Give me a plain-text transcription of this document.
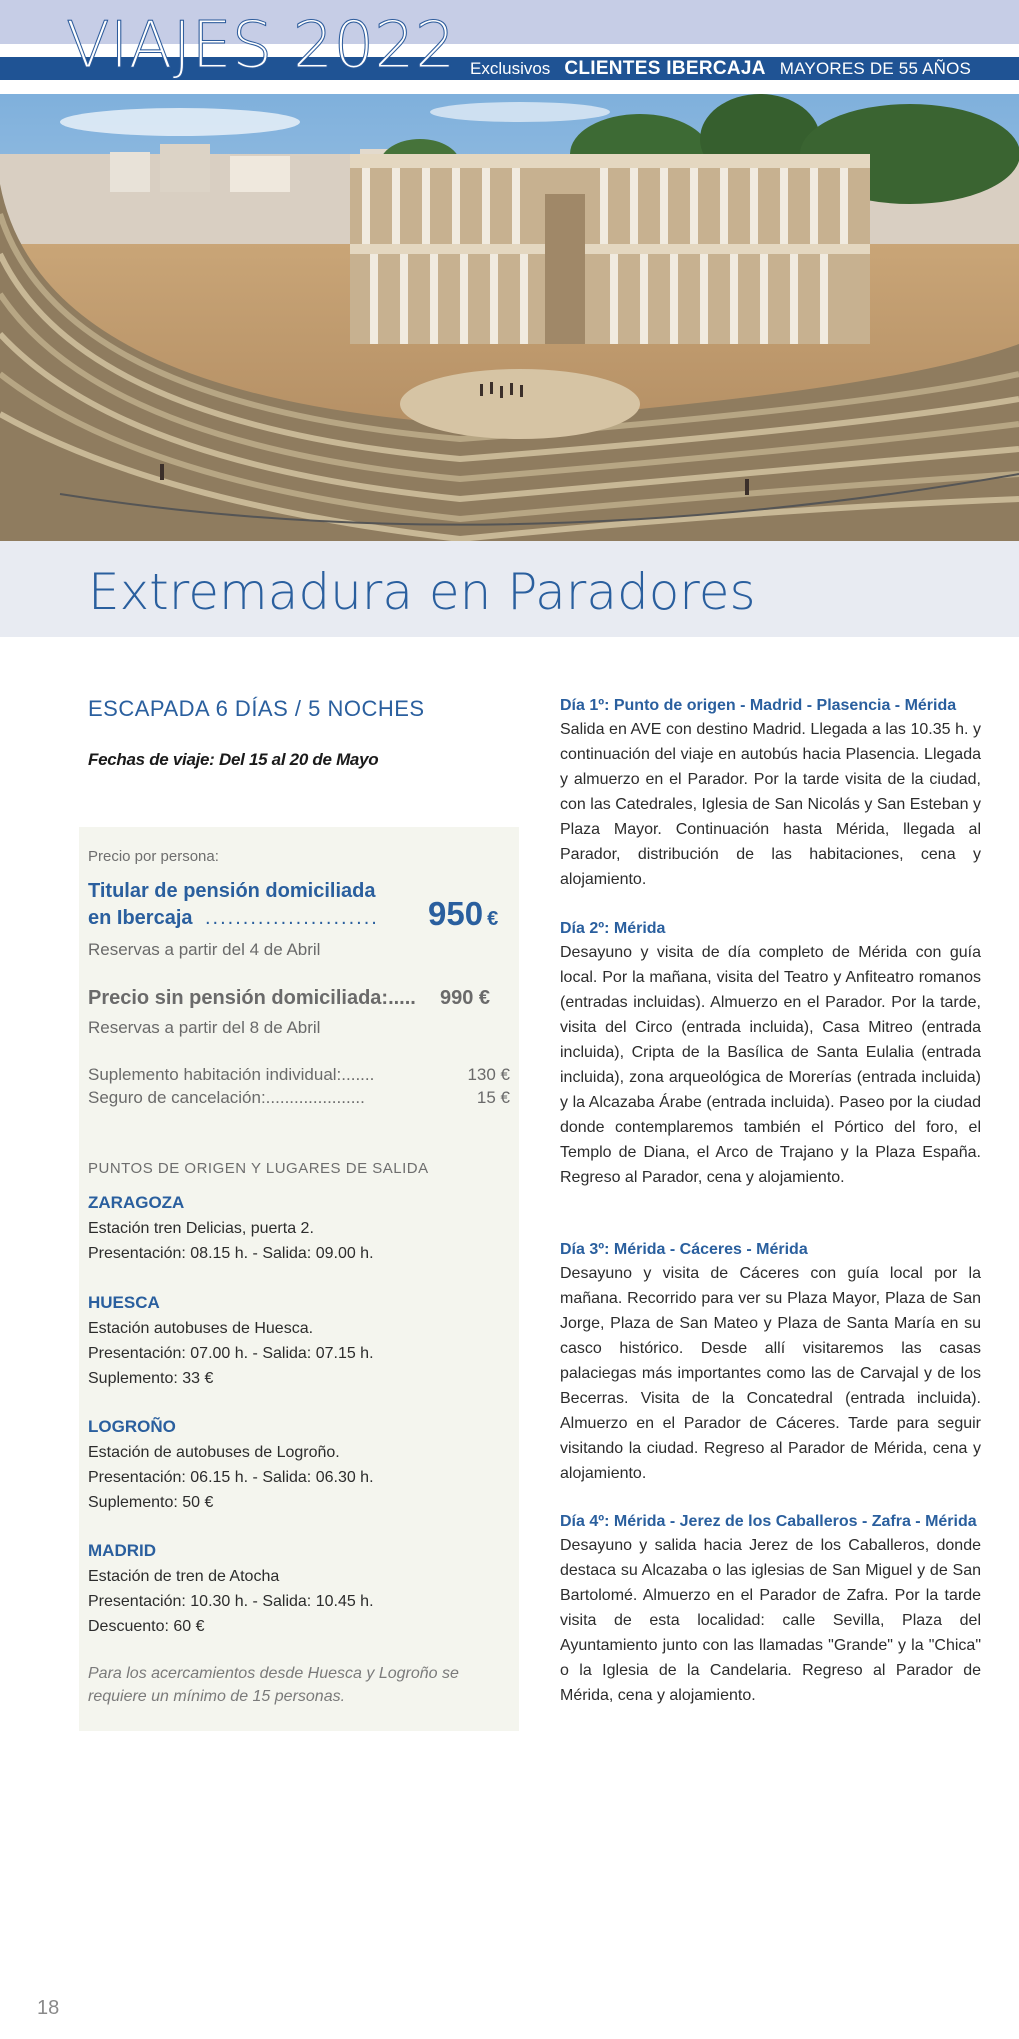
VIAJES 2022 Exclusivos CLIENTES IBERCAJA MAYORES DE 55 AÑOS
Extremadura en Paradores
ESCAPADA 6 DÍAS / 5 NOCHES
Fechas de viaje: Del 15 al 20 de Mayo
Precio por persona:
Titular de pensión domiciliada
en Ibercaja ....................... 950 €
Reservas a partir del 4 de Abril
Precio sin pensión domiciliada:..... 990 €
Reservas a partir del 8 de Abril
Suplemento habitación individual:.......	130 €
Seguro de cancelación:.....................	15 €
PUNTOS DE ORIGEN Y LUGARES DE SALIDA
ZARAGOZA

Estación tren Delicias, puerta 2.

Presentación: 08.15 h. - Salida: 09.00 h.

HUESCA

Estación autobuses de Huesca.

Presentación: 07.00 h. - Salida: 07.15 h.

Suplemento: 33 €

LOGROÑO

Estación de autobuses de Logroño.

Presentación: 06.15 h. - Salida: 06.30 h.

Suplemento: 50 €

MADRID

Estación de tren de Atocha

Presentación: 10.30 h. - Salida: 10.45 h.

Descuento: 60 €

Para los acercamientos desde Huesca y Logroño se requiere un mínimo de 15 personas.
Día 1º: Punto de origen - Madrid - Plasencia - Mérida

Salida en AVE con destino Madrid. Llegada a las 10.35 h. y continuación del viaje en autobús hacia Plasencia. Llegada y almuerzo en el Parador. Por la tarde visita de la ciudad, con las Catedrales, Iglesia de San Nicolás y San Esteban y Plaza Mayor. Continuación hasta Mérida, llegada al Parador, distribución de las habitaciones, cena y alojamiento.

Día 2º: Mérida

Desayuno y visita de día completo de Mérida con guía local. Por la mañana, visita del Teatro y Anfiteatro romanos (entradas incluidas). Almuerzo en el Parador. Por la tarde, visita del Circo (entrada incluida), Casa Mitreo (entrada incluida), Cripta de la Basílica de Santa Eulalia (entrada incluida), zona arqueológica de Morerías (entrada incluida) y la Alcazaba Árabe (entrada incluida). Paseo por la ciudad donde contemplaremos también el Pórtico del foro, el Templo de Diana, el Arco de Trajano y la Plaza España. Regreso al Parador, cena y alojamiento.

Día 3º: Mérida - Cáceres - Mérida

Desayuno y visita de Cáceres con guía local por la mañana. Recorrido para ver su Plaza Mayor, Plaza de San Jorge, Plaza de San Mateo y Plaza de Santa María en su casco histórico. Desde allí visitaremos las casas palaciegas más importantes como las de Carvajal y de los Becerras. Visita de la Concatedral (entrada incluida). Almuerzo en el Parador de Cáceres. Tarde para seguir visitando la ciudad. Regreso al Parador de Mérida, cena y alojamiento.

Día 4º: Mérida - Jerez de los Caballeros - Zafra - Mérida

Desayuno y salida hacia Jerez de los Caballeros, donde destaca su Alcazaba o las iglesias de San Miguel y de San Bartolomé. Almuerzo en el Parador de Zafra. Por la tarde visita de esta localidad: calle Sevilla, Plaza del Ayuntamiento junto con las llamadas "Grande" y la "Chica" o la Iglesia de la Candelaria. Regreso al Parador de Mérida, cena y alojamiento.

18
